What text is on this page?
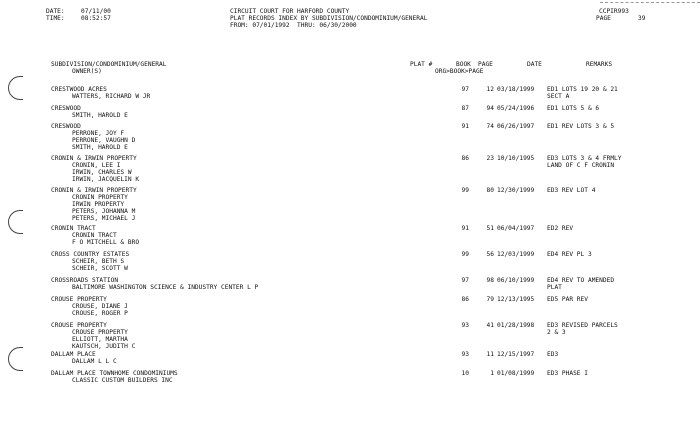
DATE:	07/11/00
TIME:	08:52:57
CIRCUIT COURT FOR HARFORD COUNTY
PLAT RECORDS INDEX BY SUBDIVISION/CONDOMINIUM/GENERAL
FROM: 07/01/1992  THRU: 06/30/2000
CCPIR993
PAGE	39
SUBDIVISION/CONDOMINIUM/GENERAL
OWNER(S)
PLAT #	BOOK PAGE
ORG>BOOK>PAGE
DATE	REMARKS
CRESTWOOD ACRES
WATTERS, RICHARD W JR
97	12 03/18/1999 ED1 LOTS 19 20 & 21
SECT A
CRESWOOD
SMITH, HAROLD E
87	94 05/24/1996 ED1 LOTS 5 & 6
CRESWOOD
PERRONE, JOY F
PERRONE, VAUGHN D
SMITH, HAROLD E
91	74 06/26/1997 ED1 REV LOTS 3 & 5
CRONIN & IRWIN PROPERTY
CRONIN, LEE I
IRWIN, CHARLES W
IRWIN, JACQUELIN K
86	23 10/10/1995 ED3 LOTS 3 & 4 FRMLY
LAND OF C F CRONIN
CRONIN & IRWIN PROPERTY
CRONIN PROPERTY
IRWIN PROPERTY
PETERS, JOHANNA M
PETERS, MICHAEL J
99	80 12/30/1999 ED3 REV LOT 4
CRONIN TRACT
CRONIN TRACT
F O MITCHELL & BRO
91	51 06/04/1997 ED2 REV
CROSS COUNTRY ESTATES
SCHEIR, BETH S
SCHEIR, SCOTT W
99	56 12/03/1999 ED4 REV PL 3
CROSSROADS STATION
BALTIMORE WASHINGTON SCIENCE & INDUSTRY CENTER L P
97	98 06/10/1999 ED4 REV TO AMENDED
PLAT
CROUSE PROPERTY
CROUSE, DIANE J
CROUSE, ROGER P
86	79 12/13/1995 ED5 PAR REV
CROUSE PROPERTY
CROUSE PROPERTY
ELLIOTT, MARTHA
KAUTSCH, JUDITH C
93	41 01/28/1998 ED3 REVISED PARCELS
2 & 3
DALLAM PLACE
DALLAM L L C
93	11 12/15/1997 ED3
DALLAM PLACE TOWNHOME CONDOMINIUMS
CLASSIC CUSTOM BUILDERS INC
10	1 01/08/1999 ED3 PHASE I
